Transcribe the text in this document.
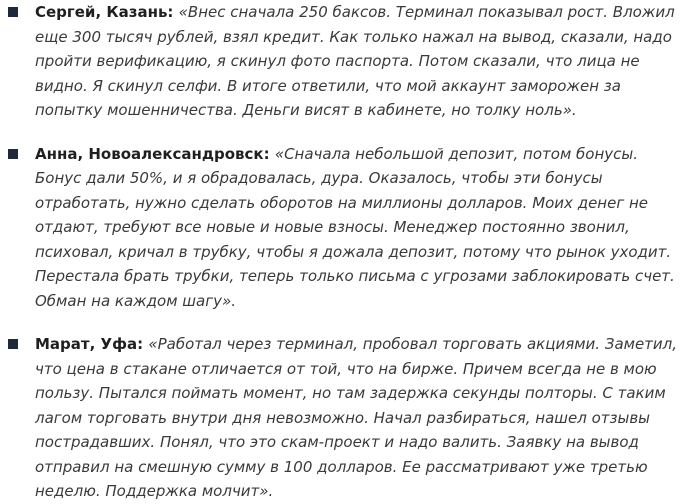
Сергей, Казань: «Внес сначала 250 баксов. Терминал показывал рост. Вложил еще 300 тысяч рублей, взял кредит. Как только нажал на вывод, сказали, надо пройти верификацию, я скинул фото паспорта. Потом сказали, что лица не видно. Я скинул селфи. В итоге ответили, что мой аккаунт заморожен за попытку мошенничества. Деньги висят в кабинете, но толку ноль».
Анна, Новоалександровск: «Сначала небольшой депозит, потом бонусы. Бонус дали 50%, и я обрадовалась, дура. Оказалось, чтобы эти бонусы отработать, нужно сделать оборотов на миллионы долларов. Моих денег не отдают, требуют все новые и новые взносы. Менеджер постоянно звонил, психовал, кричал в трубку, чтобы я дожала депозит, потому что рынок уходит. Перестала брать трубки, теперь только письма с угрозами заблокировать счет. Обман на каждом шагу».
Марат, Уфа: «Работал через терминал, пробовал торговать акциями. Заметил, что цена в стакане отличается от той, что на бирже. Причем всегда не в мою пользу. Пытался поймать момент, но там задержка секунды полторы. С таким лагом торговать внутри дня невозможно. Начал разбираться, нашел отзывы пострадавших. Понял, что это скам-проект и надо валить. Заявку на вывод отправил на смешную сумму в 100 долларов. Ее рассматривают уже третью неделю. Поддержка молчит».
